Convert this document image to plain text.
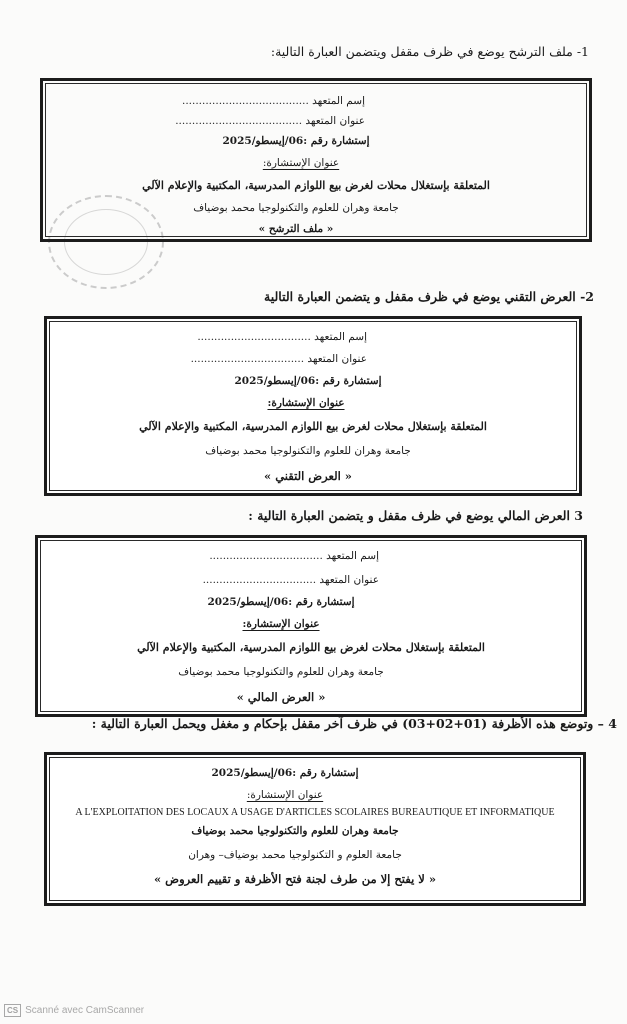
1- ملف الترشح يوضع في ظرف مقفل ويتضمن العبارة التالية:
إسم المتعهد ......................................
عنوان المتعهد ......................................
إستشارة رقم :06/إيسطو/2025
عنوان الإستشارة:
المتعلقة بإستغلال محلات لغرض بيع اللوازم المدرسية، المكتبية والإعلام الآلي
جامعة وهران للعلوم والتكنولوجيا محمد بوضياف
« ملف الترشح »
2- العرض التقني يوضع في ظرف مقفل و يتضمن العبارة التالية
إسم المتعهد ..................................
عنوان المتعهد ..................................
إستشارة رقم :06/إيسطو/2025
عنوان الإستشارة:
المتعلقة بإستغلال محلات لغرض بيع اللوازم المدرسية، المكتبية والإعلام الآلي
جامعة وهران للعلوم والتكنولوجيا محمد بوضياف
« العرض التقني »
3 العرض المالي يوضع في ظرف مقفل و يتضمن العبارة التالية :
إسم المتعهد ..................................
عنوان المتعهد ..................................
إستشارة رقم :06/إيسطو/2025
عنوان الإستشارة:
المتعلقة بإستغلال محلات لغرض بيع اللوازم المدرسية، المكتبية والإعلام الآلي
جامعة وهران للعلوم والتكنولوجيا محمد بوضياف
« العرض المالي »
4 – وتوضع هذه الأظرفة (01+02+03) في ظرف آخر مقفل بإحكام و مغفل ويحمل العبارة التالية :
إستشارة رقم :06/إيسطو/2025
عنوان الإستشارة:
A L'EXPLOITATION DES LOCAUX A USAGE D'ARTICLES SCOLAIRES BUREAUTIQUE ET INFORMATIQUE
جامعة وهران للعلوم والتكنولوجيا محمد بوضياف
جامعة العلوم و التكنولوجيا محمد بوضياف– وهران
« لا يفتح إلا من طرف لجنة فتح الأظرفة و تقييم العروض »
CS Scanné avec CamScanner
